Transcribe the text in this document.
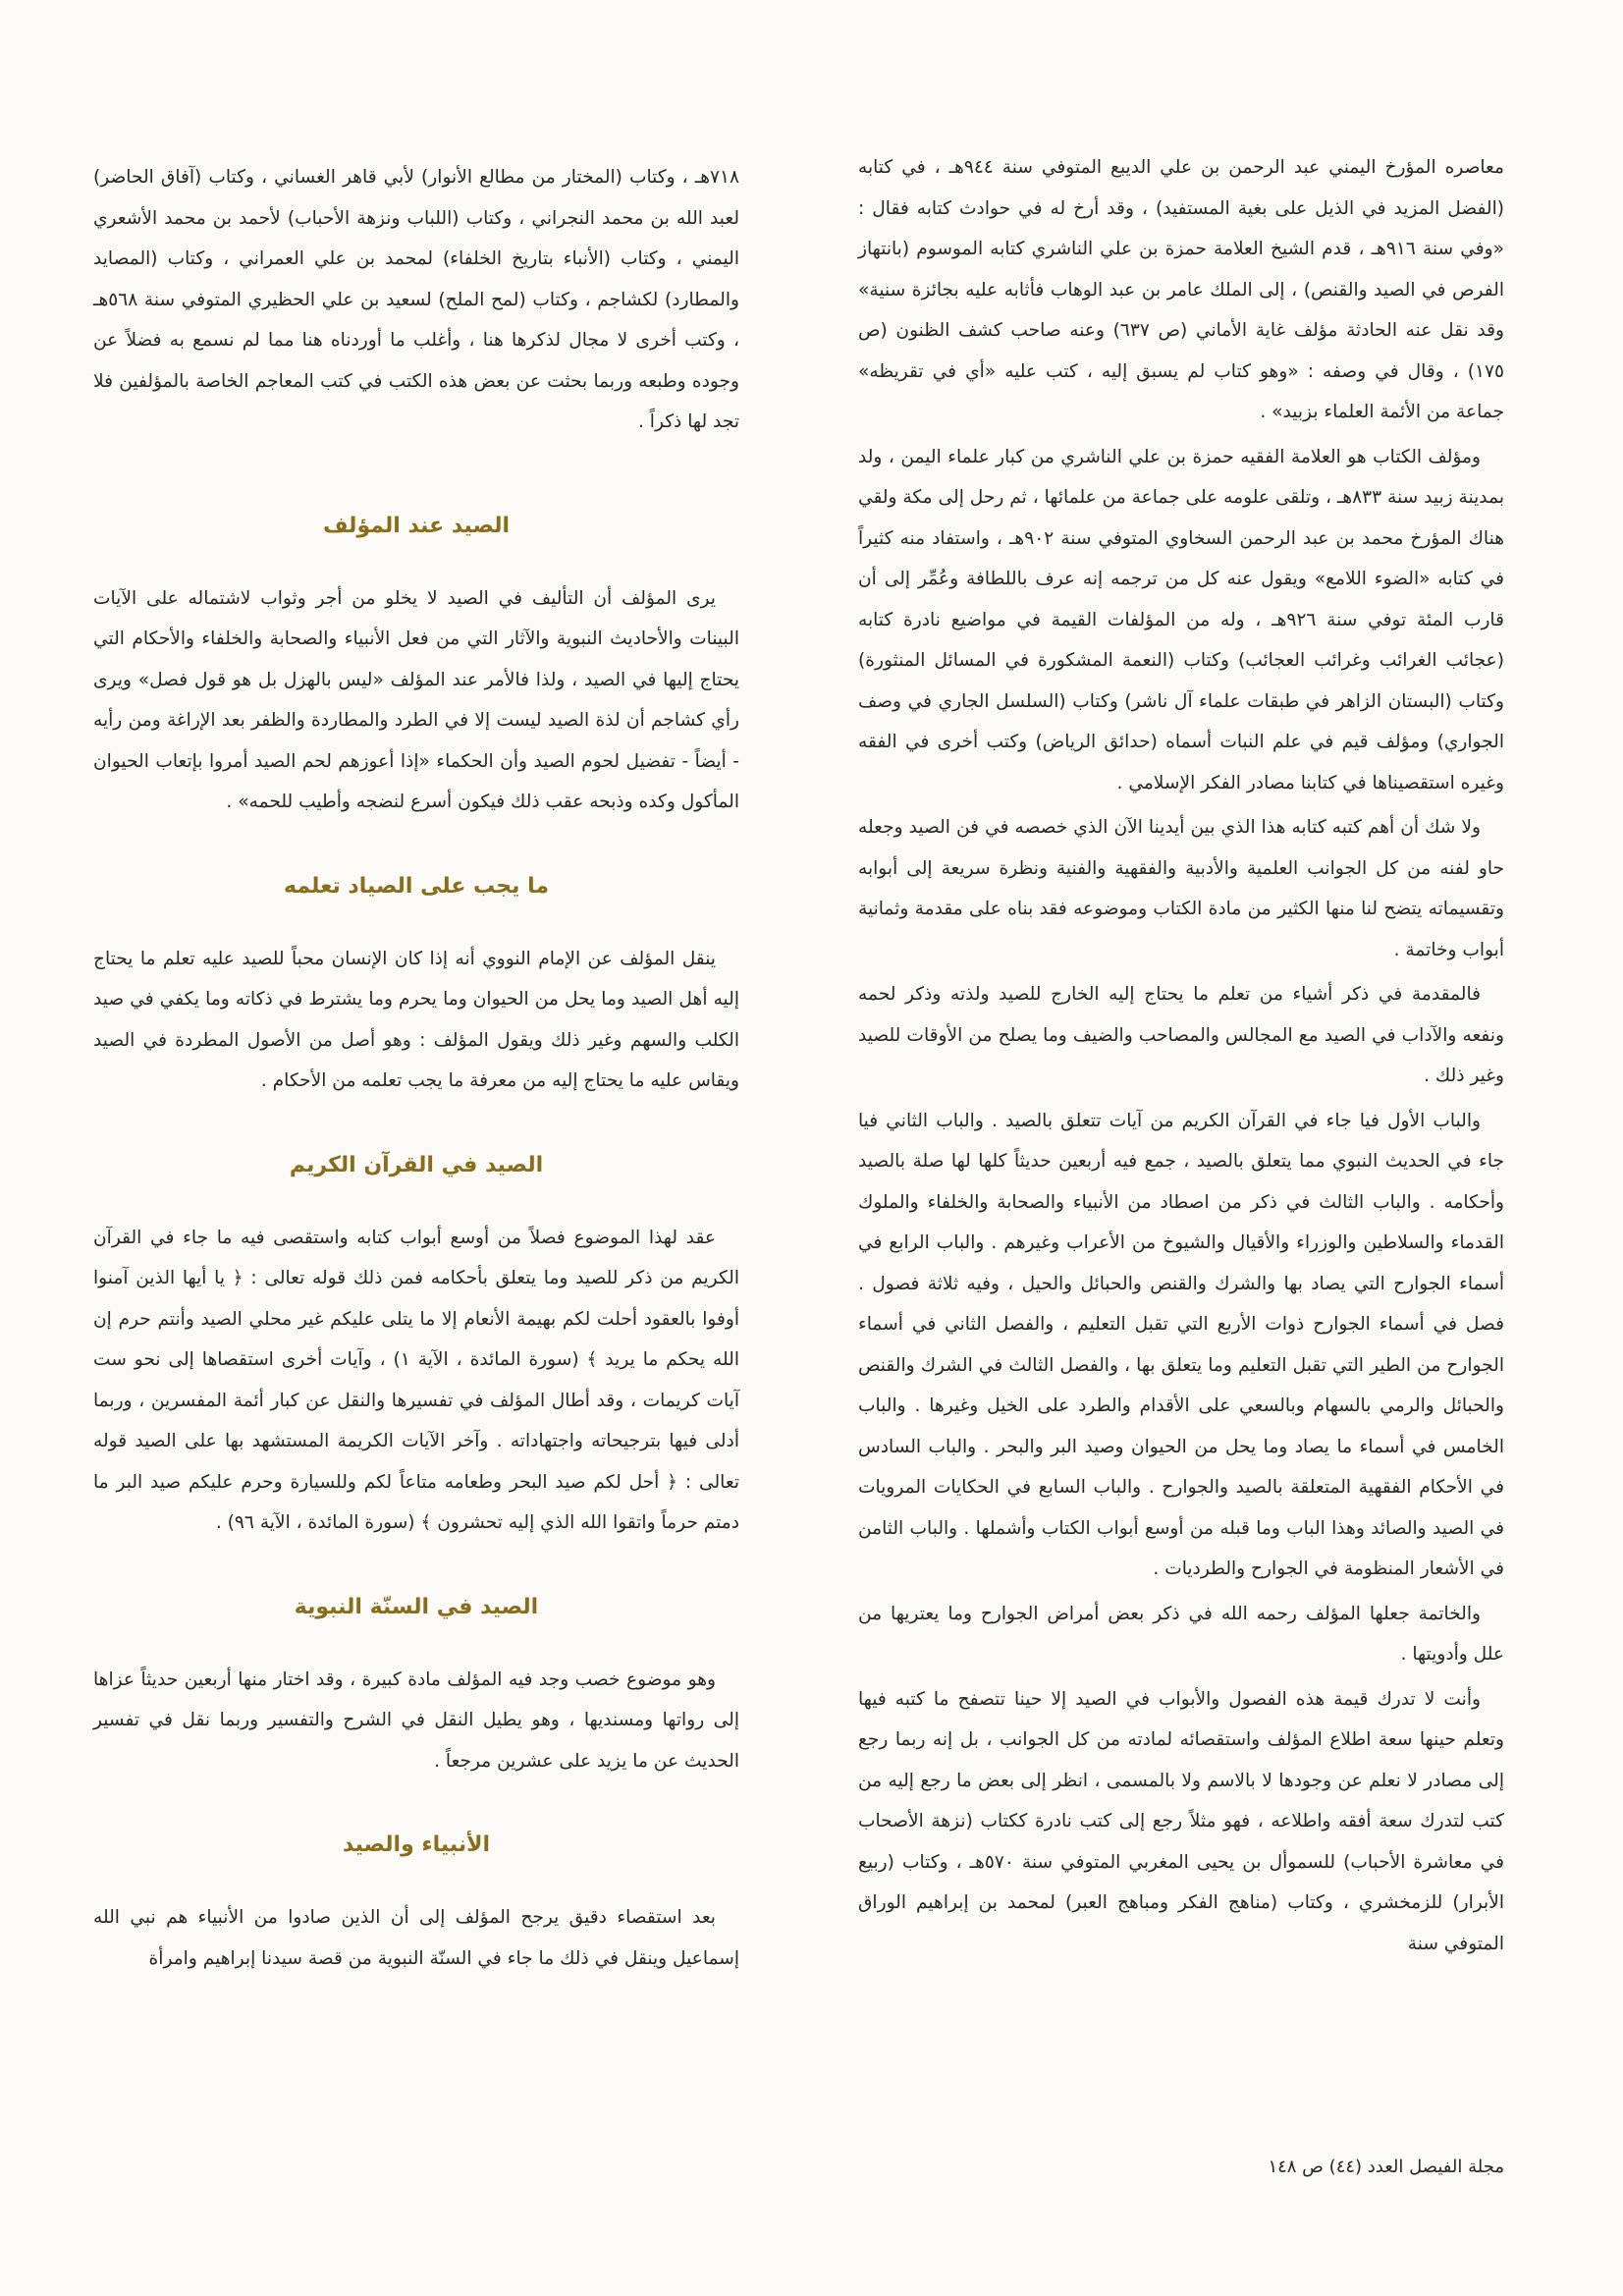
معاصره المؤرخ اليمني عبد الرحمن بن علي الديبع المتوفي سنة ٩٤٤هـ ، في كتابه (الفضل المزيد في الذيل على بغية المستفيد) ، وقد أرخ له في حوادث كتابه فقال : «وفي سنة ٩١٦هـ ، قدم الشيخ العلامة حمزة بن علي الناشري كتابه الموسوم (بانتهاز الفرص في الصيد والقنص) ، إلى الملك عامر بن عبد الوهاب فأثابه عليه بجائزة سنية» وقد نقل عنه الحادثة مؤلف غاية الأماني (ص ٦٣٧) وعنه صاحب كشف الظنون (ص ١٧٥) ، وقال في وصفه : «وهو كتاب لم يسبق إليه ، كتب عليه «أي في تقريظه» جماعة من الأئمة العلماء بزبيد» .

ومؤلف الكتاب هو العلامة الفقيه حمزة بن علي الناشري من كبار علماء اليمن ، ولد بمدينة زبيد سنة ٨٣٣هـ ، وتلقى علومه على جماعة من علمائها ، ثم رحل إلى مكة ولقي هناك المؤرخ محمد بن عبد الرحمن السخاوي المتوفي سنة ٩٠٢هـ ، واستفاد منه كثيراً في كتابه «الضوء اللامع» ويقول عنه كل من ترجمه إنه عرف باللطافة وعُمِّر إلى أن قارب المئة توفي سنة ٩٢٦هـ ، وله من المؤلفات القيمة في مواضيع نادرة كتابه (عجائب الغرائب وغرائب العجائب) وكتاب (النعمة المشكورة في المسائل المنثورة) وكتاب (البستان الزاهر في طبقات علماء آل ناشر) وكتاب (السلسل الجاري في وصف الجواري) ومؤلف قيم في علم النبات أسماه (حدائق الرياض) وكتب أخرى في الفقه وغيره استقصيناها في كتابنا مصادر الفكر الإسلامي .

ولا شك أن أهم كتبه كتابه هذا الذي بين أيدينا الآن الذي خصصه في فن الصيد وجعله حاو لفنه من كل الجوانب العلمية والأدبية والفقهية والفنية ونظرة سريعة إلى أبوابه وتقسيماته يتضح لنا منها الكثير من مادة الكتاب وموضوعه فقد بناه على مقدمة وثمانية أبواب وخاتمة .

فالمقدمة في ذكر أشياء من تعلم ما يحتاج إليه الخارج للصيد ولذته وذكر لحمه ونفعه والآداب في الصيد مع المجالس والمصاحب والضيف وما يصلح من الأوقات للصيد وغير ذلك .

والباب الأول فيا جاء في القرآن الكريم من آيات تتعلق بالصيد . والباب الثاني فيا جاء في الحديث النبوي مما يتعلق بالصيد ، جمع فيه أربعين حديثاً كلها لها صلة بالصيد وأحكامه . والباب الثالث في ذكر من اصطاد من الأنبياء والصحابة والخلفاء والملوك القدماء والسلاطين والوزراء والأقيال والشيوخ من الأعراب وغيرهم . والباب الرابع في أسماء الجوارح التي يصاد بها والشرك والقنص والحبائل والحيل ، وفيه ثلاثة فصول . فصل في أسماء الجوارح ذوات الأربع التي تقبل التعليم ، والفصل الثاني في أسماء الجوارح من الطير التي تقبل التعليم وما يتعلق بها ، والفصل الثالث في الشرك والقنص والحبائل والرمي بالسهام وبالسعي على الأقدام والطرد على الخيل وغيرها . والباب الخامس في أسماء ما يصاد وما يحل من الحيوان وصيد البر والبحر . والباب السادس في الأحكام الفقهية المتعلقة بالصيد والجوارح . والباب السابع في الحكايات المرويات في الصيد والصائد وهذا الباب وما قبله من أوسع أبواب الكتاب وأشملها . والباب الثامن في الأشعار المنظومة في الجوارح والطرديات .

والخاتمة جعلها المؤلف رحمه الله في ذكر بعض أمراض الجوارح وما يعتريها من علل وأدويتها .

وأنت لا تدرك قيمة هذه الفصول والأبواب في الصيد إلا حينا تتصفح ما كتبه فيها وتعلم حينها سعة اطلاع المؤلف واستقصائه لمادته من كل الجوانب ، بل إنه ربما رجع إلى مصادر لا نعلم عن وجودها لا بالاسم ولا بالمسمى ، انظر إلى بعض ما رجع إليه من كتب لتدرك سعة أفقه واطلاعه ، فهو مثلاً رجع إلى كتب نادرة ككتاب (نزهة الأصحاب في معاشرة الأحباب) للسموأل بن يحيى المغربي المتوفي سنة ٥٧٠هـ ، وكتاب (ربيع الأبرار) للزمخشري ، وكتاب (مناهج الفكر ومباهج العبر) لمحمد بن إبراهيم الوراق المتوفي سنة

٧١٨هـ ، وكتاب (المختار من مطالع الأنوار) لأبي قاهر الغساني ، وكتاب (آفاق الحاضر) لعبد الله بن محمد النجراني ، وكتاب (اللباب ونزهة الأحباب) لأحمد بن محمد الأشعري اليمني ، وكتاب (الأنباء بتاريخ الخلفاء) لمحمد بن علي العمراني ، وكتاب (المصايد والمطارد) لكشاجم ، وكتاب (لمح الملح) لسعيد بن علي الحظيري المتوفي سنة ٥٦٨هـ ، وكتب أخرى لا مجال لذكرها هنا ، وأغلب ما أوردناه هنا مما لم نسمع به فضلاً عن وجوده وطبعه وربما بحثت عن بعض هذه الكتب في كتب المعاجم الخاصة بالمؤلفين فلا تجد لها ذكراً .

الصيد عند المؤلف

يرى المؤلف أن التأليف في الصيد لا يخلو من أجر وثواب لاشتماله على الآيات البينات والأحاديث النبوية والآثار التي من فعل الأنبياء والصحابة والخلفاء والأحكام التي يحتاج إليها في الصيد ، ولذا فالأمر عند المؤلف «ليس بالهزل بل هو قول فصل» ويرى رأي كشاجم أن لذة الصيد ليست إلا في الطرد والمطاردة والظفر بعد الإراغة ومن رأيه - أيضاً - تفضيل لحوم الصيد وأن الحكماء «إذا أعوزهم لحم الصيد أمروا بإتعاب الحيوان المأكول وكده وذبحه عقب ذلك فيكون أسرع لنضجه وأطيب للحمه» .

ما يجب على الصياد تعلمه

ينقل المؤلف عن الإمام النووي أنه إذا كان الإنسان محباً للصيد عليه تعلم ما يحتاج إليه أهل الصيد وما يحل من الحيوان وما يحرم وما يشترط في ذكاته وما يكفي في صيد الكلب والسهم وغير ذلك ويقول المؤلف : وهو أصل من الأصول المطردة في الصيد ويقاس عليه ما يحتاج إليه من معرفة ما يجب تعلمه من الأحكام .

الصيد في القرآن الكريم

عقد لهذا الموضوع فصلاً من أوسع أبواب كتابه واستقصى فيه ما جاء في القرآن الكريم من ذكر للصيد وما يتعلق بأحكامه فمن ذلك قوله تعالى : ﴿ يا أيها الذين آمنوا أوفوا بالعقود أحلت لكم بهيمة الأنعام إلا ما يتلى عليكم غير محلي الصيد وأنتم حرم إن الله يحكم ما يريد ﴾ (سورة المائدة ، الآية ١) ، وآيات أخرى استقصاها إلى نحو ست آيات كريمات ، وقد أطال المؤلف في تفسيرها والنقل عن كبار أئمة المفسرين ، وربما أدلى فيها بترجيحاته واجتهاداته . وآخر الآيات الكريمة المستشهد بها على الصيد قوله تعالى : ﴿ أحل لكم صيد البحر وطعامه متاعاً لكم وللسيارة وحرم عليكم صيد البر ما دمتم حرماً واتقوا الله الذي إليه تحشرون ﴾ (سورة المائدة ، الآية ٩٦) .

الصيد في السنّة النبوية

وهو موضوع خصب وجد فيه المؤلف مادة كبيرة ، وقد اختار منها أربعين حديثاً عزاها إلى رواتها ومسنديها ، وهو يطيل النقل في الشرح والتفسير وربما نقل في تفسير الحديث عن ما يزيد على عشرين مرجعاً .

الأنبياء والصيد

بعد استقصاء دقيق يرجح المؤلف إلى أن الذين صادوا من الأنبياء هم نبي الله إسماعيل وينقل في ذلك ما جاء في السنّة النبوية من قصة سيدنا إبراهيم وامرأة

مجلة الفيصل العدد (٤٤) ص ١٤٨
